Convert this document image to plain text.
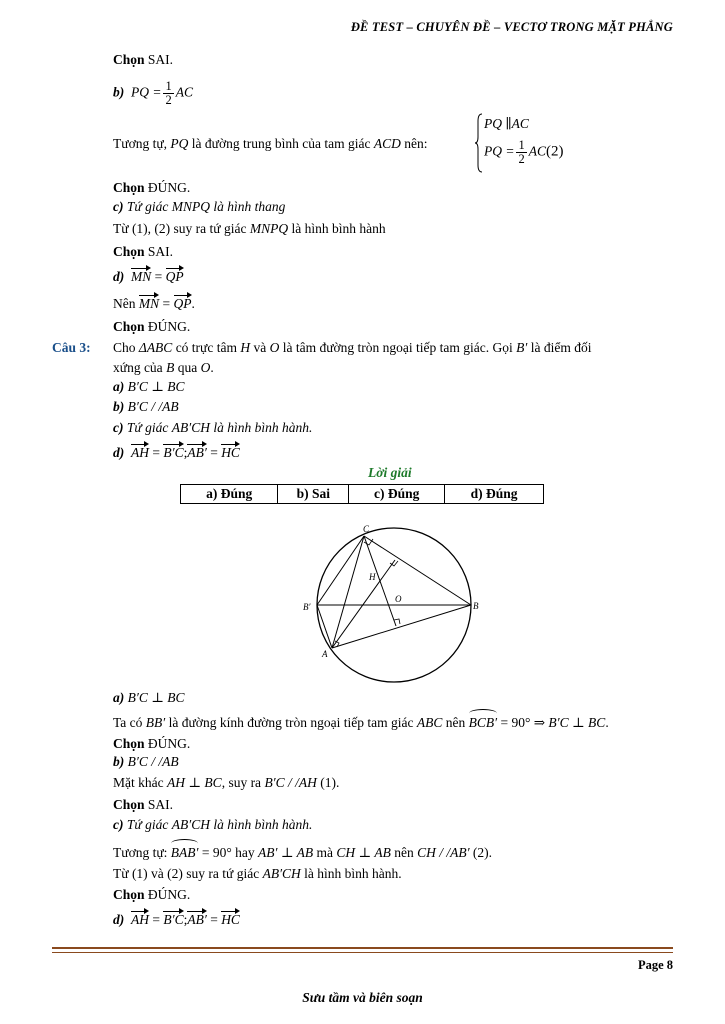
ĐỀ TEST – CHUYÊN ĐỀ – VECTƠ TRONG MẶT PHẲNG
Chọn SAI.
b) PQ = $\frac{1}{2}$ AC
Tương tự, PQ là đường trung bình của tam giác ACD nên:
PQ ∥AC
PQ = $\frac{1}{2} AC(2)$
Chọn ĐÚNG.
c) Tứ giác MNPQ là hình thang
Từ (1), (2) suy ra tứ giác MNPQ là hình bình hành
Chọn SAI.
d) MN = QP
Nên MN = QP.
Chọn ĐÚNG.
Câu 3: Cho ΔABC có trực tâm H và O là tâm đường tròn ngoại tiếp tam giác. Gọi B′ là điểm đối
xứng của B qua O.
a) B′C ⊥ BC
b) B′C / /AB
c) Tứ giác AB′CH là hình bình hành.
d) AH = B′C;AB′ = HC
Lời giải
a) Đúng	b) Sai	c) Đúng	d) Đúng
C
H
O
B
B′
A
a) B′C ⊥ BC
Ta có BB′ là đường kính đường tròn ngoại tiếp tam giác ABC nên BCB′ = 90° ⇒ B′C ⊥ BC.
Chọn ĐÚNG.
b) B′C / /AB
Mặt khác AH ⊥ BC, suy ra B′C / /AH (1).
Chọn SAI.
c) Tứ giác AB′CH là hình bình hành.
Tương tự: BAB′ = 90° hay AB′ ⊥ AB mà CH ⊥ AB nên CH / /AB′ (2).
Từ (1) và (2) suy ra tứ giác AB′CH là hình bình hành.
Chọn ĐÚNG.
d) AH = B′C;AB′ = HC
Page 8
Sưu tầm và biên soạn
